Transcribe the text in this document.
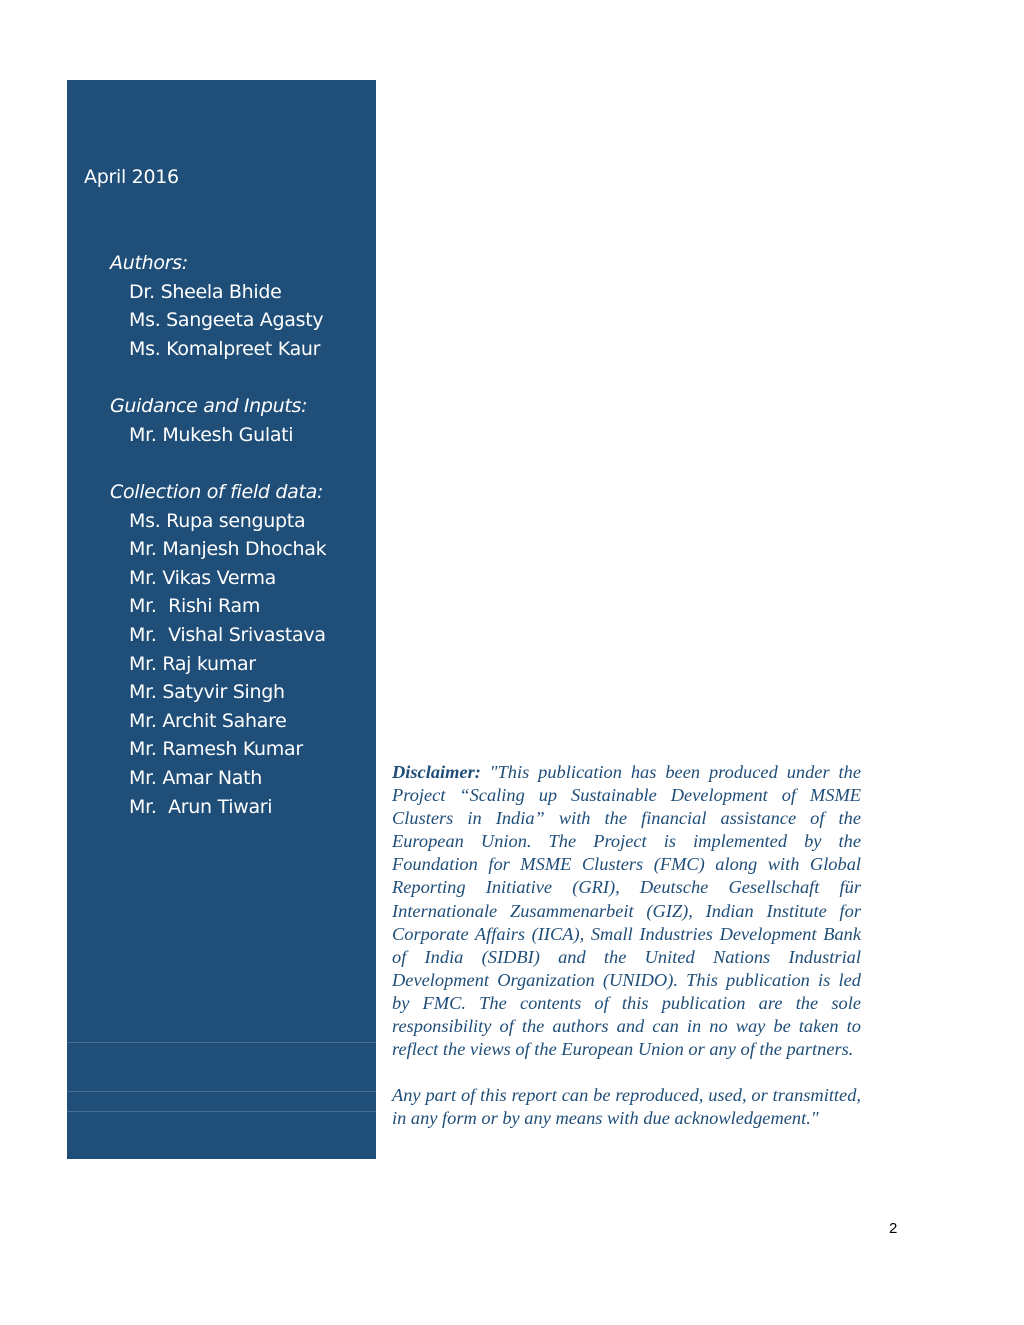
April 2016
Authors:
Dr. Sheela Bhide
Ms. Sangeeta Agasty
Ms. Komalpreet Kaur
Guidance and Inputs:
Mr. Mukesh Gulati
Collection of field data:
Ms. Rupa sengupta
Mr. Manjesh Dhochak
Mr. Vikas Verma
Mr.  Rishi Ram
Mr.  Vishal Srivastava
Mr. Raj kumar
Mr. Satyvir Singh
Mr. Archit Sahare
Mr. Ramesh Kumar
Mr. Amar Nath
Mr.  Arun Tiwari

Disclaimer: "This publication has been produced under the Project “Scaling up Sustainable Development of MSME Clusters in India” with the financial assistance of the European Union. The Project is implemented by the Foundation for MSME Clusters (FMC) along with Global Reporting Initiative (GRI), Deutsche Gesellschaft für Internationale Zusammenarbeit (GIZ), Indian Institute for Corporate Affairs (IICA), Small Industries Development Bank of India (SIDBI) and the United Nations Industrial Development Organization (UNIDO). This publication is led by FMC. The contents of this publication are the sole responsibility of the authors and can in no way be taken to reflect the views of the European Union or any of the partners.

Any part of this report can be reproduced, used, or transmitted, in any form or by any means with due acknowledgement."

2
